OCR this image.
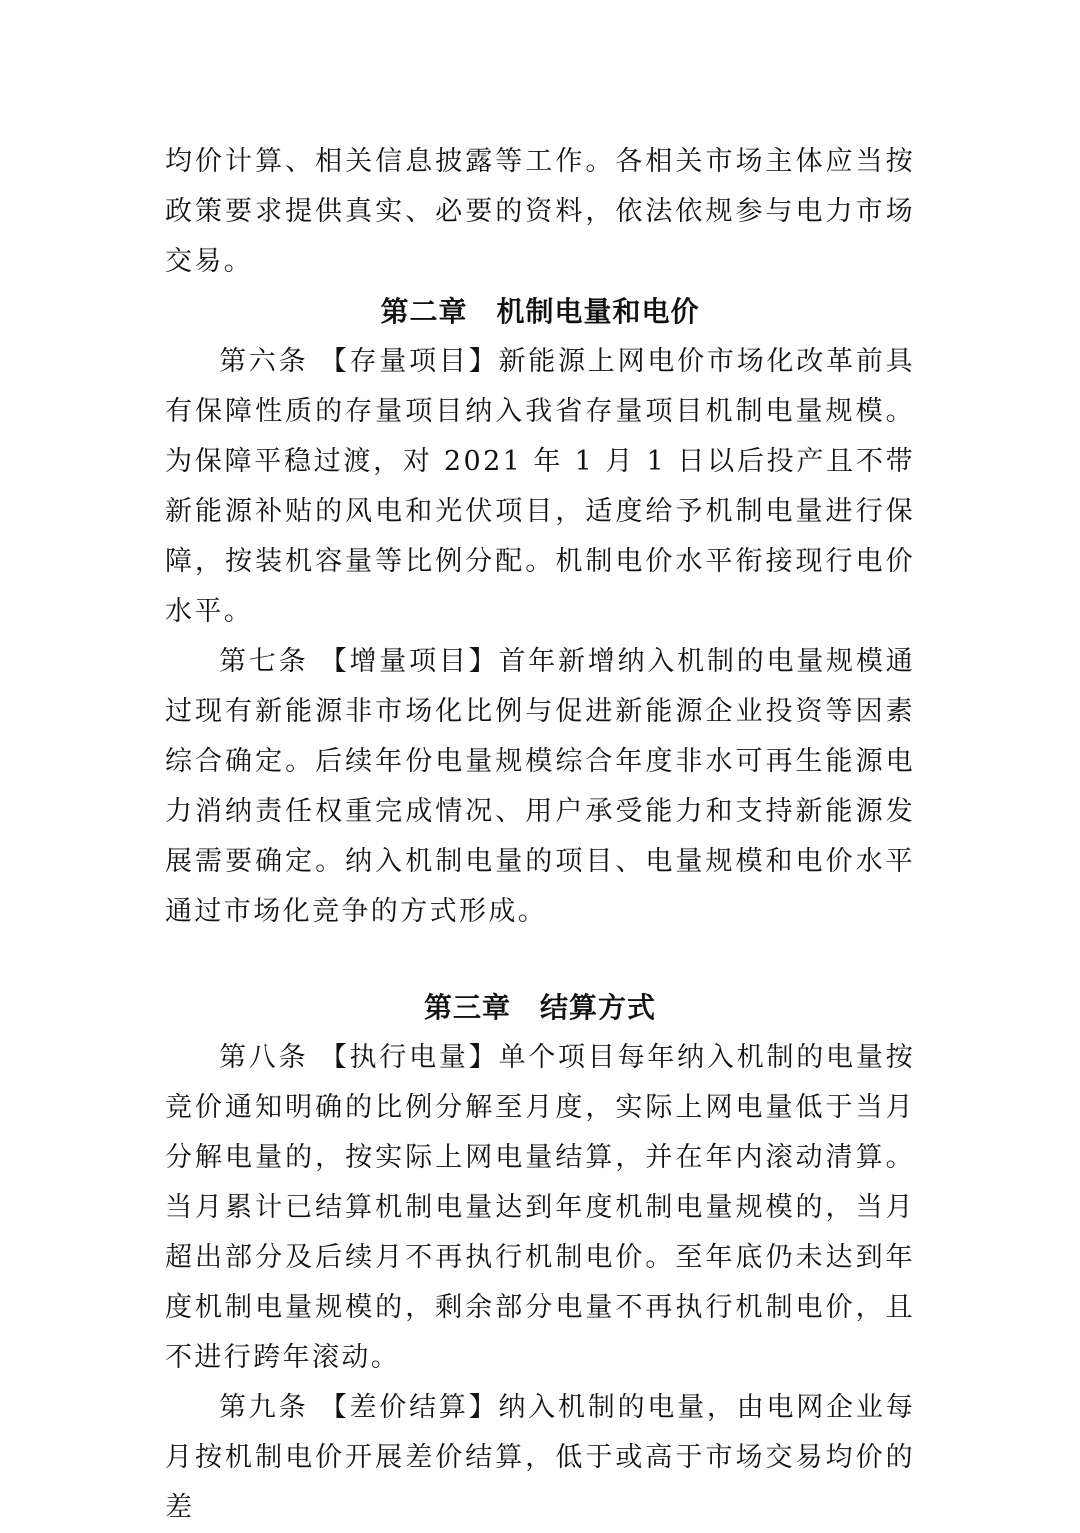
均价计算、相关信息披露等工作。各相关市场主体应当按政策要求提供真实、必要的资料，依法依规参与电力市场交易。

第二章　机制电量和电价

第六条 【存量项目】新能源上网电价市场化改革前具有保障性质的存量项目纳入我省存量项目机制电量规模。为保障平稳过渡，对 2021 年 1 月 1 日以后投产且不带新能源补贴的风电和光伏项目，适度给予机制电量进行保障，按装机容量等比例分配。机制电价水平衔接现行电价水平。

第七条 【增量项目】首年新增纳入机制的电量规模通过现有新能源非市场化比例与促进新能源企业投资等因素综合确定。后续年份电量规模综合年度非水可再生能源电力消纳责任权重完成情况、用户承受能力和支持新能源发展需要确定。纳入机制电量的项目、电量规模和电价水平通过市场化竞争的方式形成。

第三章　结算方式

第八条 【执行电量】单个项目每年纳入机制的电量按竞价通知明确的比例分解至月度，实际上网电量低于当月分解电量的，按实际上网电量结算，并在年内滚动清算。当月累计已结算机制电量达到年度机制电量规模的，当月超出部分及后续月不再执行机制电价。至年底仍未达到年度机制电量规模的，剩余部分电量不再执行机制电价，且不进行跨年滚动。

第九条 【差价结算】纳入机制的电量，由电网企业每月按机制电价开展差价结算，低于或高于市场交易均价的差
